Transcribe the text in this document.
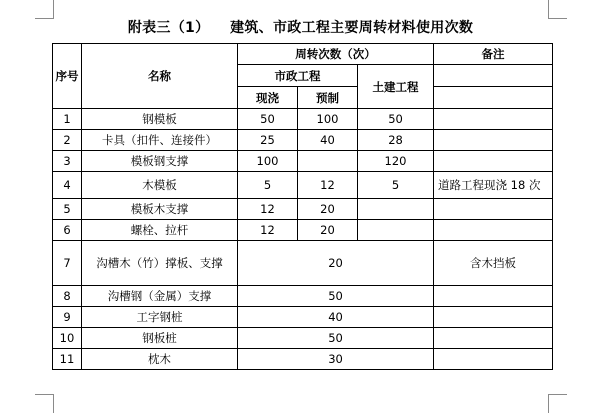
附表三（1）    建筑、市政工程主要周转材料使用次数
序号	名称	周转次数（次）			备注
		市政工程		土建工程	
		现浇	预制		
1	钢模板	50	100	50	
2	卡具（扣件、连接件）	25	40	28	
3	模板钢支撑	100		120	
4	木模板	5	12	5	道路工程现浇 18 次
5	模板木支撑	12	20		
6	螺栓、拉杆	12	20		
7	沟槽木（竹）撑板、支撑	20			含木挡板
8	沟槽钢（金属）支撑	50			
9	工字钢桩	40			
10	钢板桩	50			
11	枕木	30			
